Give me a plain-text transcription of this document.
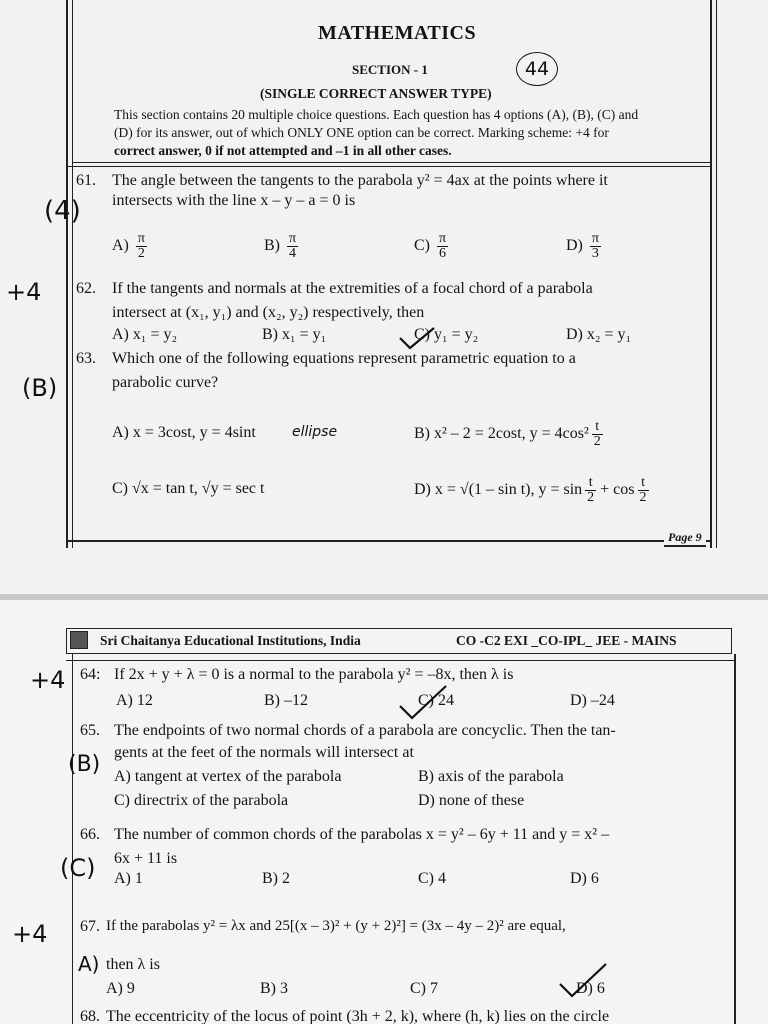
MATHEMATICS
SECTION - 1	44
(SINGLE CORRECT ANSWER TYPE)
This section contains 20 multiple choice questions. Each question has 4 options (A), (B), (C) and
(D) for its answer, out of which ONLY ONE option can be correct. Marking scheme: +4 for
correct answer, 0 if not attempted and –1 in all other cases.
61. The angle between the tangents to the parabola y² = 4ax at the points where it
intersects with the line x – y – a = 0 is
(4)
$A) \frac{\pi}{2}$	$B) \frac{\pi}{4}$	$C) \frac{\pi}{6}$	$D) \frac{\pi}{3}$
+4 62. If the tangents and normals at the extremities of a focal chord of a parabola
intersect at (x₁, y₁) and (x₂, y₂) respectively, then
A) x₁ = y₂	B) x₁ = y₁	C) y₁ = y₂	D) x₂ = y₁
63. Which one of the following equations represent parametric equation to a
parabolic curve?
(B)
A) x = 3cost, y = 4sint	ellipse	B) x² – 2 = 2cost, $y = 4\cos^2 \frac{t}{2}$
C) √x = tan t, √y = sec t	D) x = √(1 – sin t), $y = \sin \frac{t}{2} + \cos \frac{t}{2}$
Page 9
Sri Chaitanya Educational Institutions, India	CO -C2 EXI _CO-IPL_ JEE - MAINS
+4 64: If 2x + y + λ = 0 is a normal to the parabola y² = –8x, then λ is
A) 12	B) –12	C) 24	D) –24
65. The endpoints of two normal chords of a parabola are concyclic. Then the tan-
gents at the feet of the normals will intersect at
(B) A) tangent at vertex of the parabola	B) axis of the parabola
C) directrix of the parabola	D) none of these
66. The number of common chords of the parabolas x = y² – 6y + 11 and y = x² –
6x + 11 is
(C) A) 1	B) 2	C) 4	D) 6
+4 67. If the parabolas y² = λx and 25[(x – 3)² + (y + 2)²] = (3x – 4y – 2)² are equal,
A) then λ is
A) 9	B) 3	C) 7	D) 6
68. The eccentricity of the locus of point (3h + 2, k), where (h, k) lies on the circle
